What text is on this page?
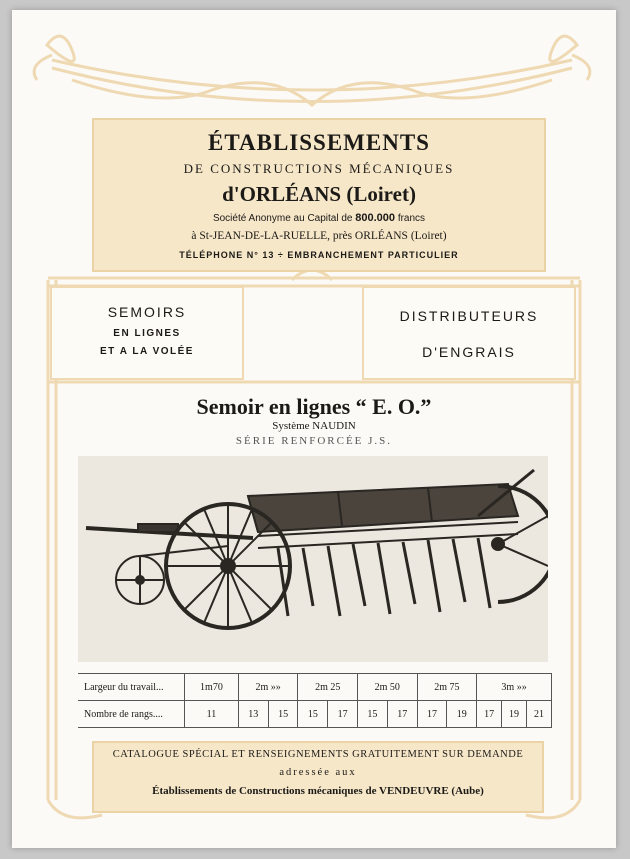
ÉTABLISSEMENTS
DE CONSTRUCTIONS MÉCANIQUES
d'ORLÉANS (Loiret)
Société Anonyme au Capital de 800.000 francs
à St-JEAN-DE-LA-RUELLE, près ORLÉANS (Loiret)
TÉLÉPHONE N° 13 ÷ EMBRANCHEMENT PARTICULIER
SEMOIRS
EN LIGNES
ET A LA VOLÉE
DISTRIBUTEURS
D'ENGRAIS
Semoir en lignes “ E. O.”
Système NAUDIN
SÉRIE RENFORCÉE J.S.
Largeur du travail...	1m70	2m »»		2m 25		2m 50		2m 75		3m »»		
Nombre de rangs....	11	13	15	15	17	15	17	17	19	17	19	21
CATALOGUE SPÉCIAL ET RENSEIGNEMENTS GRATUITEMENT SUR DEMANDE
adressée aux
Établissements de Constructions mécaniques de VENDEUVRE (Aube)
